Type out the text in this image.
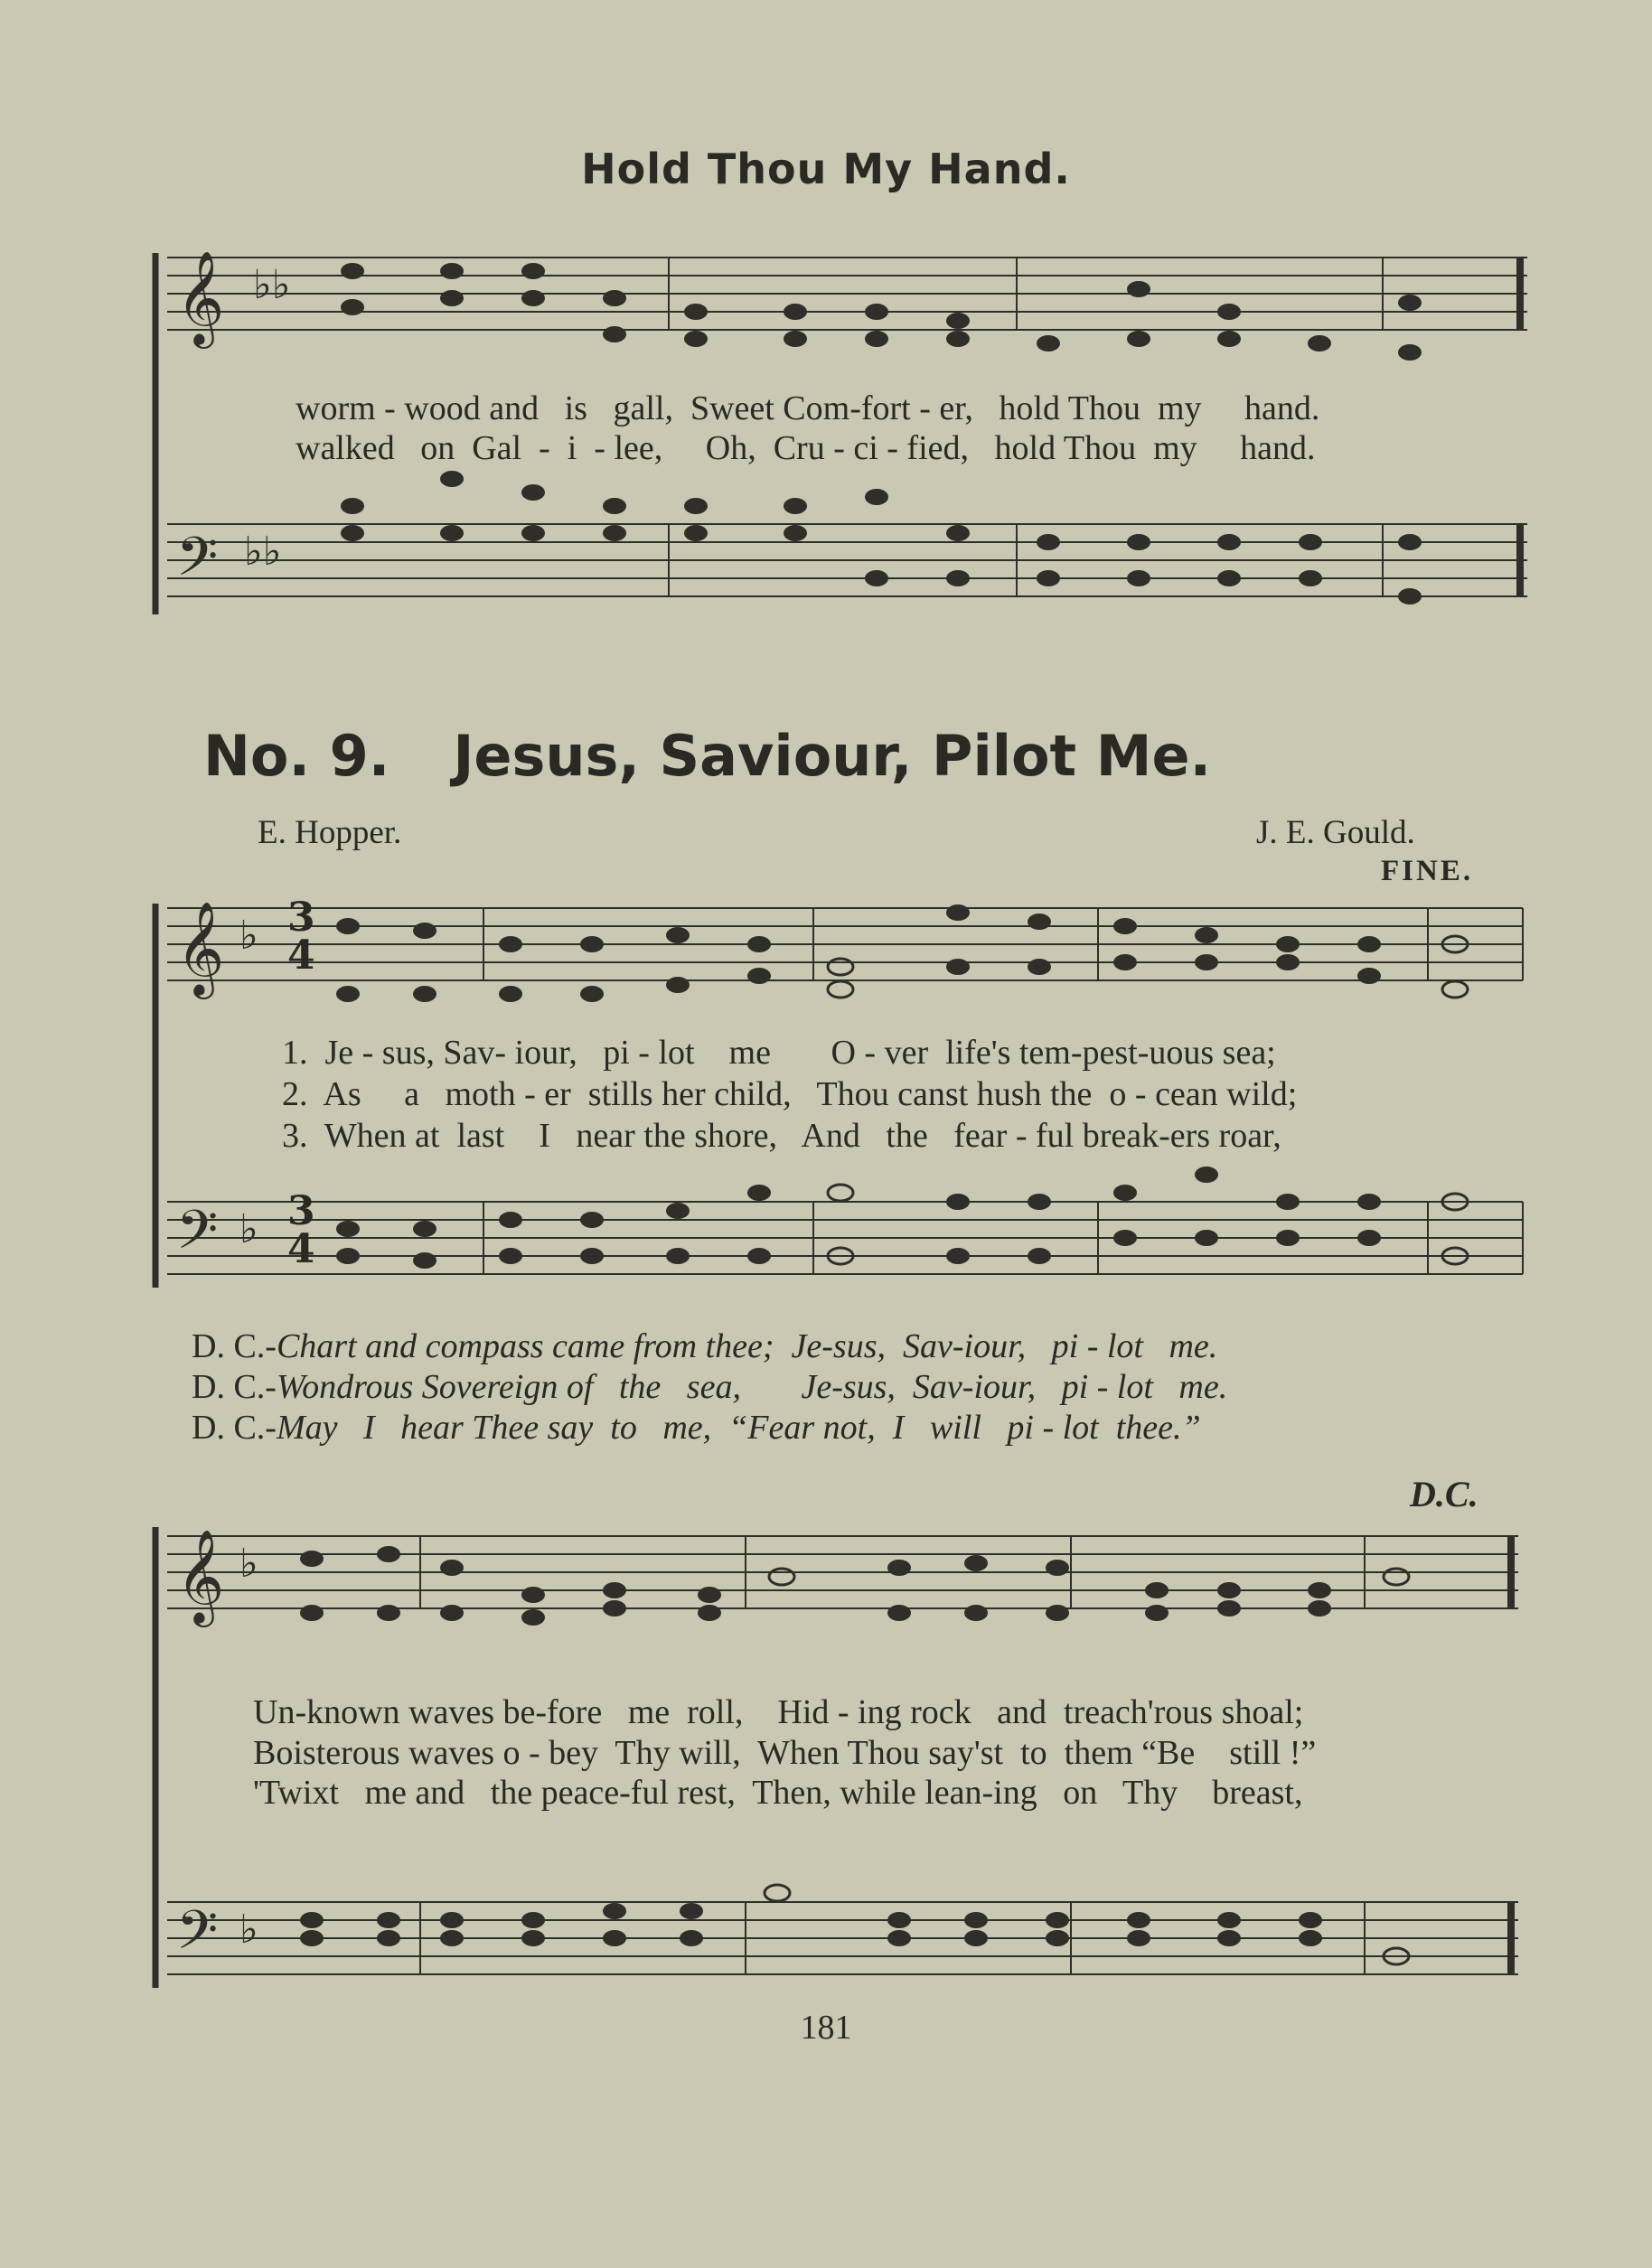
𝄞
𝄢
♭♭
♭♭
𝄞
𝄢
♭
♭
𝄞
𝄢
♭
♭
Hold Thou My Hand.
worm - wood and   is   gall,  Sweet Com-fort - er,   hold Thou  my     hand.
walked   on  Gal  -  i  - lee,     Oh,  Cru - ci - fied,   hold Thou  my     hand.
No. 9. Jesus, Saviour, Pilot Me.
E. Hopper.	J. E. Gould.
FINE.
3
4
3
4
1.  Je - sus, Sav- iour,   pi - lot    me       O - ver  life's tem-pest-uous sea;
2.  As     a   moth - er  stills her child,   Thou canst hush the  o - cean wild;
3.  When at  last    I   near the shore,   And   the   fear - ful break-ers roar,
D. C.-Chart and compass came from thee;  Je-sus,  Sav-iour,   pi - lot   me.
D. C.-Wondrous Sovereign of   the   sea,       Je-sus,  Sav-iour,   pi - lot   me.
D. C.-May   I   hear Thee say  to   me,  “Fear not,  I   will   pi - lot  thee.”
D.C.
Un-known waves be-fore   me  roll,    Hid - ing rock   and  treach'rous shoal;
Boisterous waves o - bey  Thy will,  When Thou say'st  to  them “Be    still !”
'Twixt   me and   the peace-ful rest,  Then, while lean-ing   on   Thy    breast,
181
